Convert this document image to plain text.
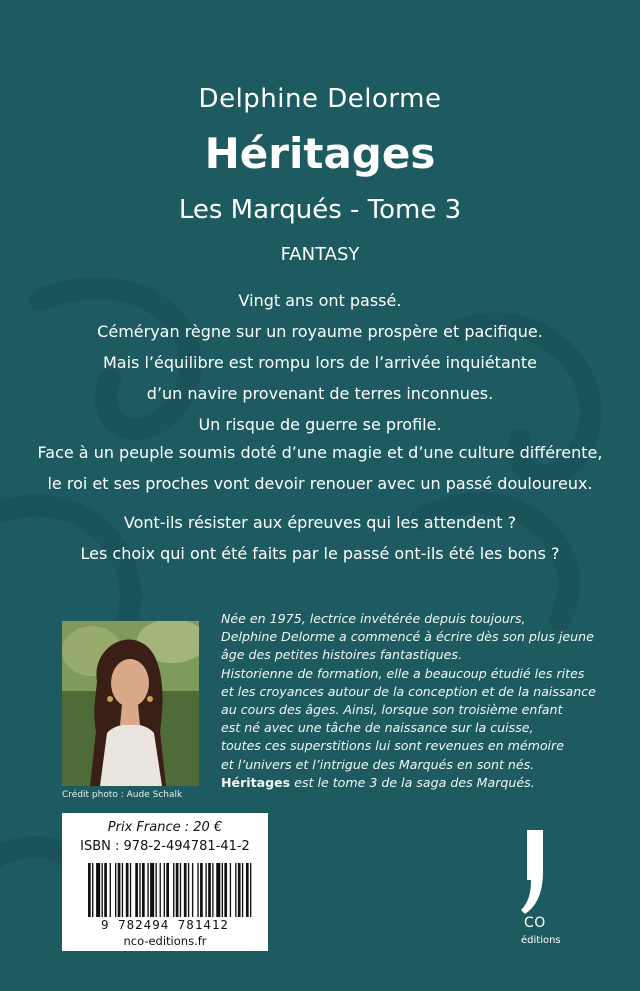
Delphine Delorme
Héritages
Les Marqués - Tome 3
FANTASY
Vingt ans ont passé.
Céméryan règne sur un royaume prospère et pacifique.
Mais l’équilibre est rompu lors de l’arrivée inquiétante
d’un navire provenant de terres inconnues.
Un risque de guerre se profile.
Face à un peuple soumis doté d’une magie et d’une culture différente,
le roi et ses proches vont devoir renouer avec un passé douloureux.
Vont-ils résister aux épreuves qui les attendent ?
Les choix qui ont été faits par le passé ont-ils été les bons ?
Crédit photo : Aude Schalk
Née en 1975, lectrice invétérée depuis toujours,
Delphine Delorme a commencé à écrire dès son plus jeune
âge des petites histoires fantastiques.
Historienne de formation, elle a beaucoup étudié les rites
et les croyances autour de la conception et de la naissance
au cours des âges. Ainsi, lorsque son troisième enfant
est né avec une tâche de naissance sur la cuisse,
toutes ces superstitions lui sont revenues en mémoire
et l’univers et l’intrigue des Marqués en sont nés.
Héritages est le tome 3 de la saga des Marqués.
Prix France : 20 €
ISBN : 978-2-494781-41-2
9 782494 781412
nco-editions.fr
CO
éditions
